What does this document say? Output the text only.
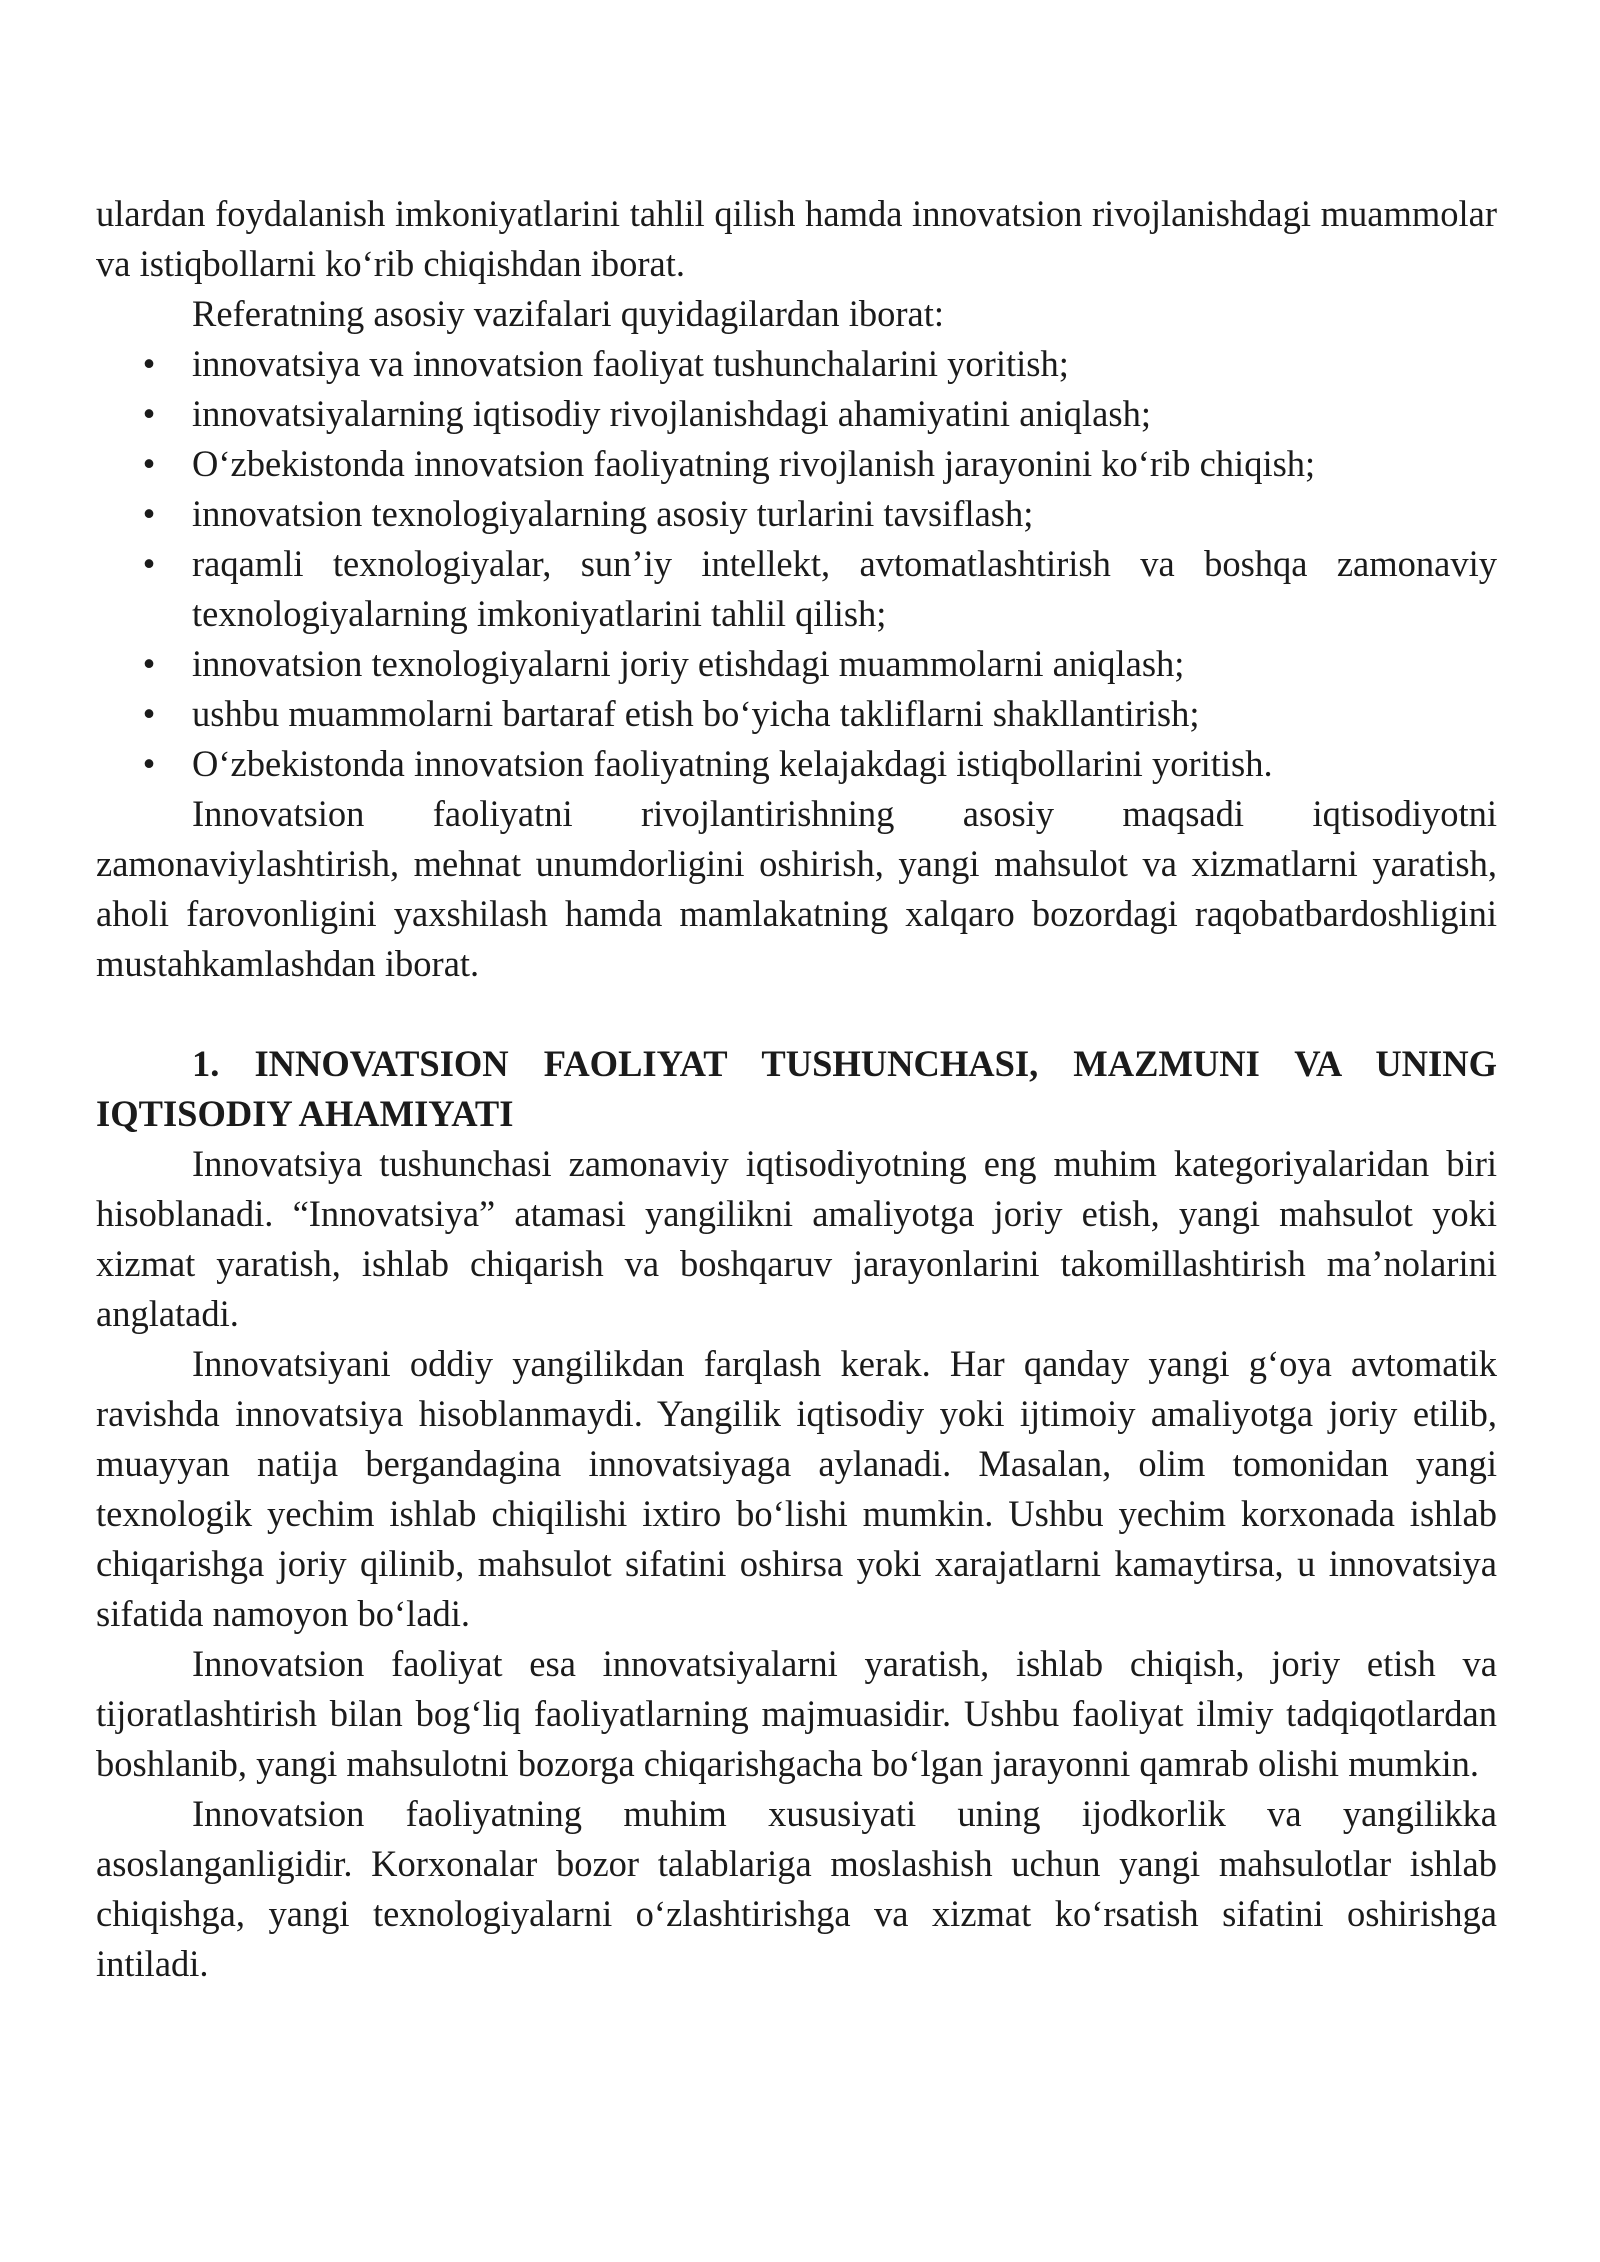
ulardan foydalanish imkoniyatlarini tahlil qilish hamda innovatsion rivojlanishdagi muammolar va istiqbollarni ko‘rib chiqishdan iborat.

Referatning asosiy vazifalari quyidagilardan iborat:

• innovatsiya va innovatsion faoliyat tushunchalarini yoritish;
• innovatsiyalarning iqtisodiy rivojlanishdagi ahamiyatini aniqlash;
• O‘zbekistonda innovatsion faoliyatning rivojlanish jarayonini ko‘rib chiqish;
• innovatsion texnologiyalarning asosiy turlarini tavsiflash;
• raqamli texnologiyalar, sun’iy intellekt, avtomatlashtirish va boshqa zamonaviy texnologiyalarning imkoniyatlarini tahlil qilish;
• innovatsion texnologiyalarni joriy etishdagi muammolarni aniqlash;
• ushbu muammolarni bartaraf etish bo‘yicha takliflarni shakllantirish;
• O‘zbekistonda innovatsion faoliyatning kelajakdagi istiqbollarini yoritish.

Innovatsion faoliyatni rivojlantirishning asosiy maqsadi iqtisodiyotni zamonaviylashtirish, mehnat unumdorligini oshirish, yangi mahsulot va xizmatlarni yaratish, aholi farovonligini yaxshilash hamda mamlakatning xalqaro bozordagi raqobatbardoshligini mustahkamlashdan iborat.

1. INNOVATSION FAOLIYAT TUSHUNCHASI, MAZMUNI VA UNING IQTISODIY AHAMIYATI

Innovatsiya tushunchasi zamonaviy iqtisodiyotning eng muhim kategoriyalaridan biri hisoblanadi. “Innovatsiya” atamasi yangilikni amaliyotga joriy etish, yangi mahsulot yoki xizmat yaratish, ishlab chiqarish va boshqaruv jarayonlarini takomillashtirish ma’nolarini anglatadi.

Innovatsiyani oddiy yangilikdan farqlash kerak. Har qanday yangi g‘oya avtomatik ravishda innovatsiya hisoblanmaydi. Yangilik iqtisodiy yoki ijtimoiy amaliyotga joriy etilib, muayyan natija bergandagina innovatsiyaga aylanadi. Masalan, olim tomonidan yangi texnologik yechim ishlab chiqilishi ixtiro bo‘lishi mumkin. Ushbu yechim korxonada ishlab chiqarishga joriy qilinib, mahsulot sifatini oshirsa yoki xarajatlarni kamaytirsa, u innovatsiya sifatida namoyon bo‘ladi.

Innovatsion faoliyat esa innovatsiyalarni yaratish, ishlab chiqish, joriy etish va tijoratlashtirish bilan bog‘liq faoliyatlarning majmuasidir. Ushbu faoliyat ilmiy tadqiqotlardan boshlanib, yangi mahsulotni bozorga chiqarishgacha bo‘lgan jarayonni qamrab olishi mumkin.

Innovatsion faoliyatning muhim xususiyati uning ijodkorlik va yangilikka asoslanganligidir. Korxonalar bozor talablariga moslashish uchun yangi mahsulotlar ishlab chiqishga, yangi texnologiyalarni o‘zlashtirishga va xizmat ko‘rsatish sifatini oshirishga intiladi.
